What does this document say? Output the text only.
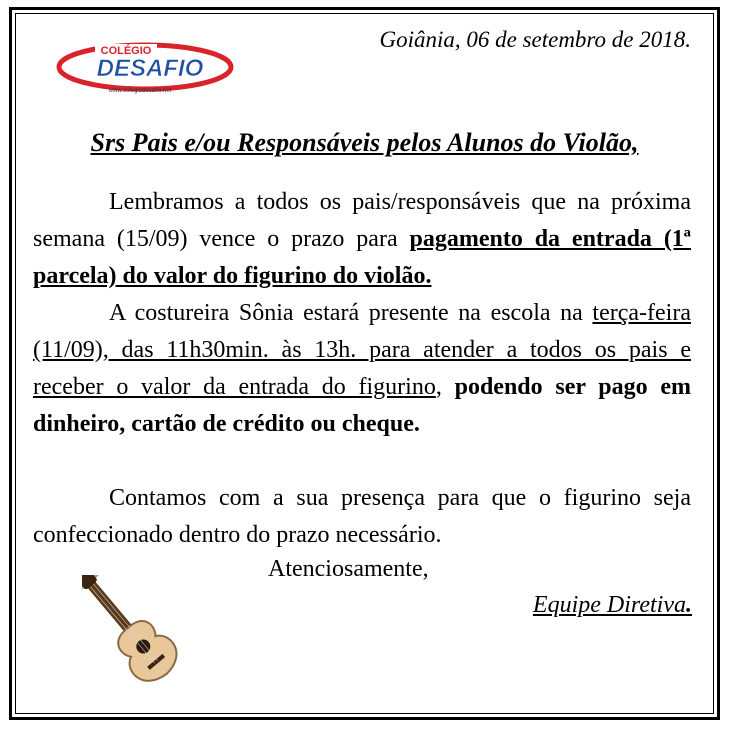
COLÉGIO
DESAFIO
www.colegiodesafio.net
Goiânia, 06 de setembro de 2018.
Srs Pais e/ou Responsáveis pelos Alunos do Violão,
Lembramos a todos os pais/responsáveis que na próxima semana (15/09) vence o prazo para pagamento da entrada (1ª parcela) do valor do figurino do violão.
A costureira Sônia estará presente na escola na terça-feira (11/09), das 11h30min. às 13h. para atender a todos os pais e receber o valor da entrada do figurino, podendo ser pago em dinheiro, cartão de crédito ou cheque.
Contamos com a sua presença para que o figurino seja confeccionado dentro do prazo necessário.
Atenciosamente,
Equipe Diretiva.
